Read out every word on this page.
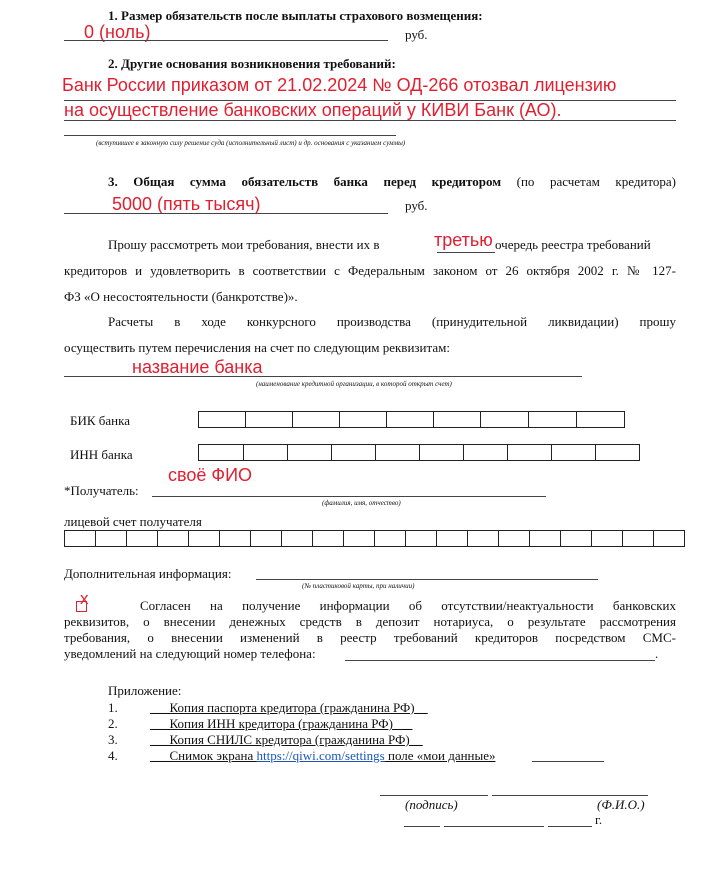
1. Размер обязательств после выплаты страхового возмещения:
0 (ноль)	руб.
2. Другие основания возникновения требований:
Банк России приказом от 21.02.2024 № ОД-266 отозвал лицензию
на осуществление банковских операций у КИВИ Банк (АО).
(вступившее в законную силу решение суда (исполнительный лист) и др. основания с указанием суммы)
3. Общая сумма обязательств банка перед кредитором (по расчетам кредитора)
5000 (пять тысяч)	руб.
Прошу рассмотреть мои требования, внести их в	третью очередь реестра требований
кредиторов и удовлетворить в соответствии с Федеральным законом от 26 октября 2002 г. № 127-
ФЗ «О несостоятельности (банкротстве)».
Расчеты в ходе конкурсного производства (принудительной ликвидации) прошу
осуществить путем перечисления на счет по следующим реквизитам:
название банка
(наименование кредитной организации, в которой открыт счет)
БИК банка
ИНН банка
своё ФИО
*Получатель:
(фамилия, имя, отчество)
лицевой счет получателя
Дополнительная информация:
(№ пластиковой карты, при наличии)
x	Согласен на получение информации об отсутствии/неактуальности банковских
реквизитов, о внесении денежных средств в депозит нотариуса, о результате рассмотрения
требования, о внесении изменений в реестр требований кредиторов посредством СМС-
уведомлений на следующий номер телефона:	.
Приложение:
1. ___Копия паспорта кредитора (гражданина РФ)__
2. ___Копия ИНН кредитора (гражданина РФ)___
3. ___Копия СНИЛС кредитора (гражданина РФ)__
4. ___Снимок экрана https://qiwi.com/settings поле «мои данные»
(подпись)	(Ф.И.О.)
г.
